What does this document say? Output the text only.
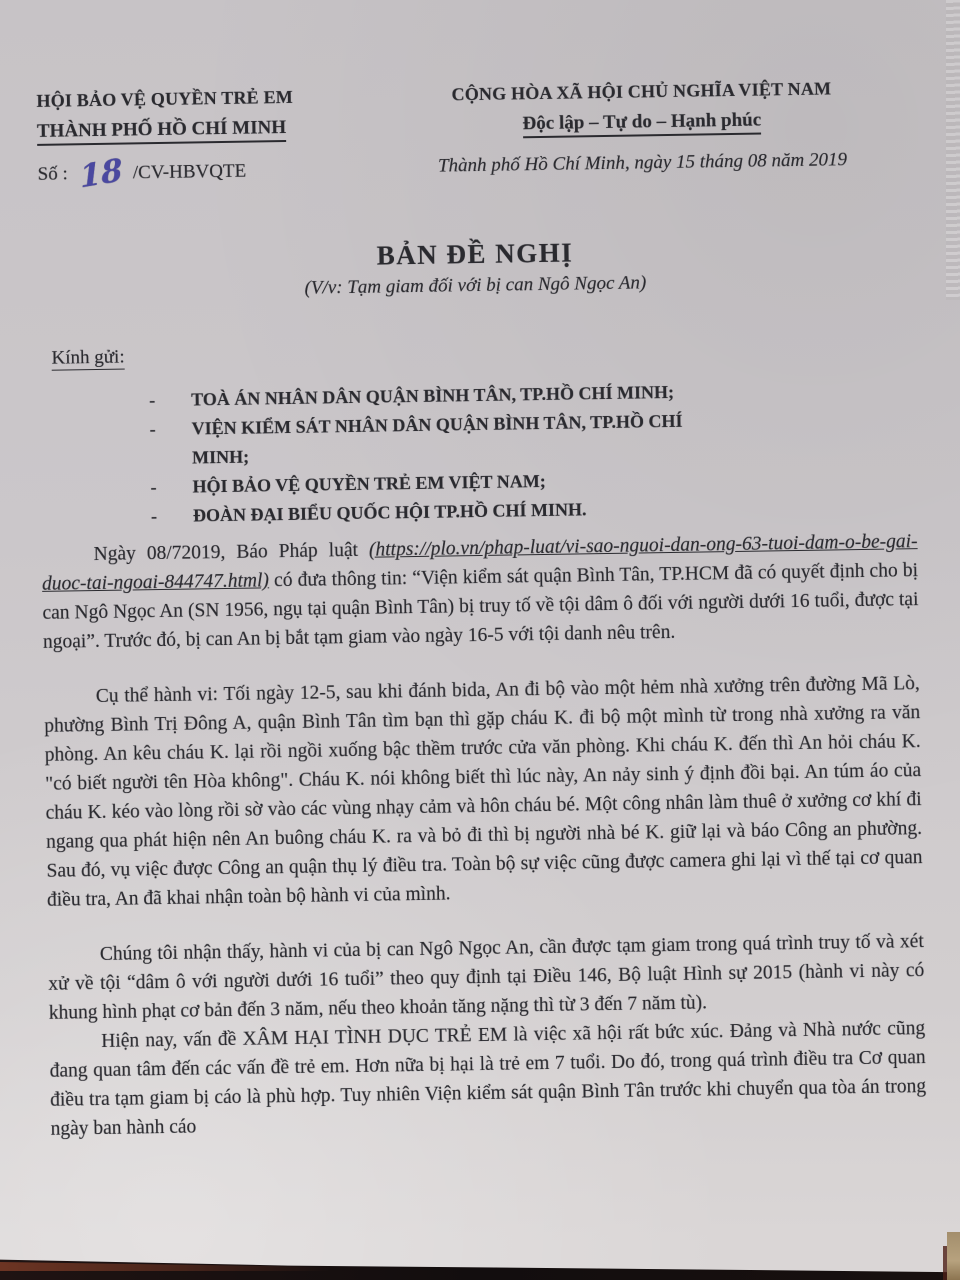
HỘI BẢO VỆ QUYỀN TRẺ EM
THÀNH PHỐ HỒ CHÍ MINH
Số : 18 /CV-HBVQTE
CỘNG HÒA XÃ HỘI CHỦ NGHĨA VIỆT NAM
Độc lập – Tự do – Hạnh phúc
Thành phố Hồ Chí Minh, ngày 15 tháng 08 năm 2019
BẢN ĐỀ NGHỊ
(V/v: Tạm giam đối với bị can Ngô Ngọc An)
Kính gửi:
-	TOÀ ÁN NHÂN DÂN QUẬN BÌNH TÂN, TP.HỒ CHÍ MINH;
-	VIỆN KIỂM SÁT NHÂN DÂN QUẬN BÌNH TÂN, TP.HỒ CHÍ
MINH;
-	HỘI BẢO VỆ QUYỀN TRẺ EM VIỆT NAM;
-	ĐOÀN ĐẠI BIỂU QUỐC HỘI TP.HỒ CHÍ MINH.

Ngày 08/72019, Báo Pháp luật (https://plo.vn/phap-luat/vi-sao-nguoi-dan-ong-63-tuoi-dam-o-be-gai-duoc-tai-ngoai-844747.html) có đưa thông tin: “Viện kiểm sát quận Bình Tân, TP.HCM đã có quyết định cho bị can Ngô Ngọc An (SN 1956, ngụ tại quận Bình Tân) bị truy tố về tội dâm ô đối với người dưới 16 tuổi, được tại ngoại”. Trước đó, bị can An bị bắt tạm giam vào ngày 16-5 với tội danh nêu trên.

Cụ thể hành vi: Tối ngày 12-5, sau khi đánh bida, An đi bộ vào một hẻm nhà xưởng trên đường Mã Lò, phường Bình Trị Đông A, quận Bình Tân tìm bạn thì gặp cháu K. đi bộ một mình từ trong nhà xưởng ra văn phòng. An kêu cháu K. lại rồi ngồi xuống bậc thềm trước cửa văn phòng. Khi cháu K. đến thì An hỏi cháu K. "có biết người tên Hòa không". Cháu K. nói không biết thì lúc này, An nảy sinh ý định đồi bại. An túm áo của cháu K. kéo vào lòng rồi sờ vào các vùng nhạy cảm và hôn cháu bé. Một công nhân làm thuê ở xưởng cơ khí đi ngang qua phát hiện nên An buông cháu K. ra và bỏ đi thì bị người nhà bé K. giữ lại và báo Công an phường. Sau đó, vụ việc được Công an quận thụ lý điều tra. Toàn bộ sự việc cũng được camera ghi lại vì thế tại cơ quan điều tra, An đã khai nhận toàn bộ hành vi của mình.

Chúng tôi nhận thấy, hành vi của bị can Ngô Ngọc An, cần được tạm giam trong quá trình truy tố và xét xử về tội “dâm ô với người dưới 16 tuổi” theo quy định tại Điều 146, Bộ luật Hình sự 2015 (hành vi này có khung hình phạt cơ bản đến 3 năm, nếu theo khoản tăng nặng thì từ 3 đến 7 năm tù).

Hiện nay, vấn đề XÂM HẠI TÌNH DỤC TRẺ EM là việc xã hội rất bức xúc. Đảng và Nhà nước cũng đang quan tâm đến các vấn đề trẻ em. Hơn nữa bị hại là trẻ em 7 tuổi. Do đó, trong quá trình điều tra Cơ quan điều tra tạm giam bị cáo là phù hợp. Tuy nhiên Viện kiểm sát quận Bình Tân trước khi chuyển qua tòa án trong ngày ban hành cáo
